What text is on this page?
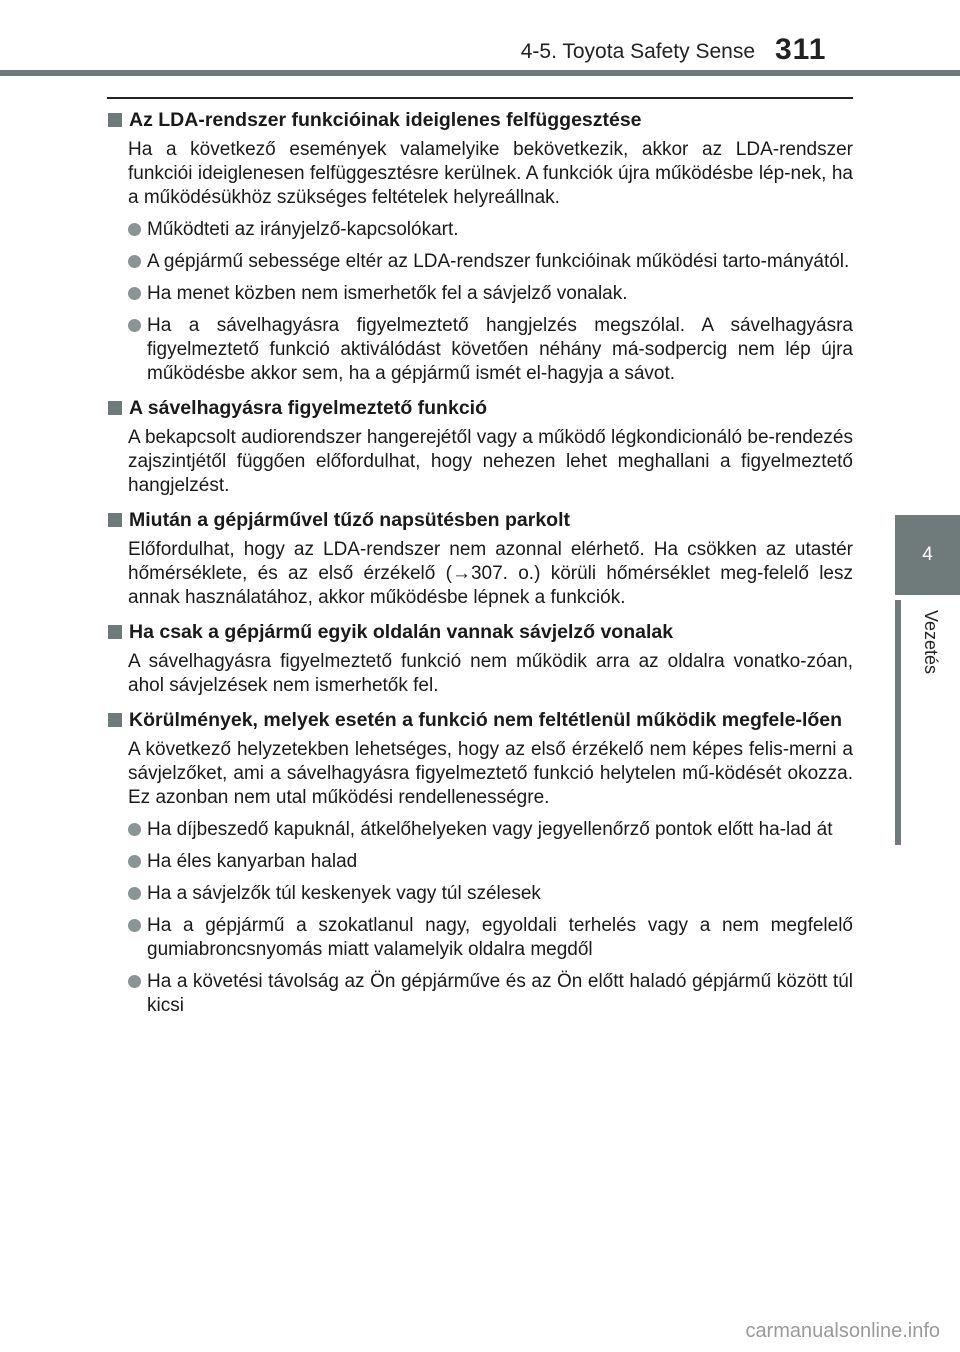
4-5. Toyota Safety Sense 311
4
Vezetés
Az LDA-rendszer funkcióinak ideiglenes felfüggesztése
Ha a következő események valamelyike bekövetkezik, akkor az LDA-rendszer funkciói ideiglenesen felfüggesztésre kerülnek. A funkciók újra működésbe lép-nek, ha a működésükhöz szükséges feltételek helyreállnak.
Működteti az irányjelző-kapcsolókart.
A gépjármű sebessége eltér az LDA-rendszer funkcióinak működési tarto-mányától.
Ha menet közben nem ismerhetők fel a sávjelző vonalak.
Ha a sávelhagyásra figyelmeztető hangjelzés megszólal. A sávelhagyásra figyelmeztető funkció aktiválódást követően néhány má-sodpercig nem lép újra működésbe akkor sem, ha a gépjármű ismét el-hagyja a sávot.
A sávelhagyásra figyelmeztető funkció
A bekapcsolt audiorendszer hangerejétől vagy a működő légkondicionáló be-rendezés zajszintjétől függően előfordulhat, hogy nehezen lehet meghallani a figyelmeztető hangjelzést.
Miután a gépjárművel tűző napsütésben parkolt
Előfordulhat, hogy az LDA-rendszer nem azonnal elérhető. Ha csökken az utastér hőmérséklete, és az első érzékelő (→307. o.) körüli hőmérséklet meg-felelő lesz annak használatához, akkor működésbe lépnek a funkciók.
Ha csak a gépjármű egyik oldalán vannak sávjelző vonalak
A sávelhagyásra figyelmeztető funkció nem működik arra az oldalra vonatko-zóan, ahol sávjelzések nem ismerhetők fel.
Körülmények, melyek esetén a funkció nem feltétlenül működik megfele-lően
A következő helyzetekben lehetséges, hogy az első érzékelő nem képes felis-merni a sávjelzőket, ami a sávelhagyásra figyelmeztető funkció helytelen mű-ködését okozza. Ez azonban nem utal működési rendellenességre.
Ha díjbeszedő kapuknál, átkelőhelyeken vagy jegyellenőrző pontok előtt ha-lad át
Ha éles kanyarban halad
Ha a sávjelzők túl keskenyek vagy túl szélesek
Ha a gépjármű a szokatlanul nagy, egyoldali terhelés vagy a nem megfelelő gumiabroncsnyomás miatt valamelyik oldalra megdől
Ha a követési távolság az Ön gépjárműve és az Ön előtt haladó gépjármű között túl kicsi
carmanualsonline.info
